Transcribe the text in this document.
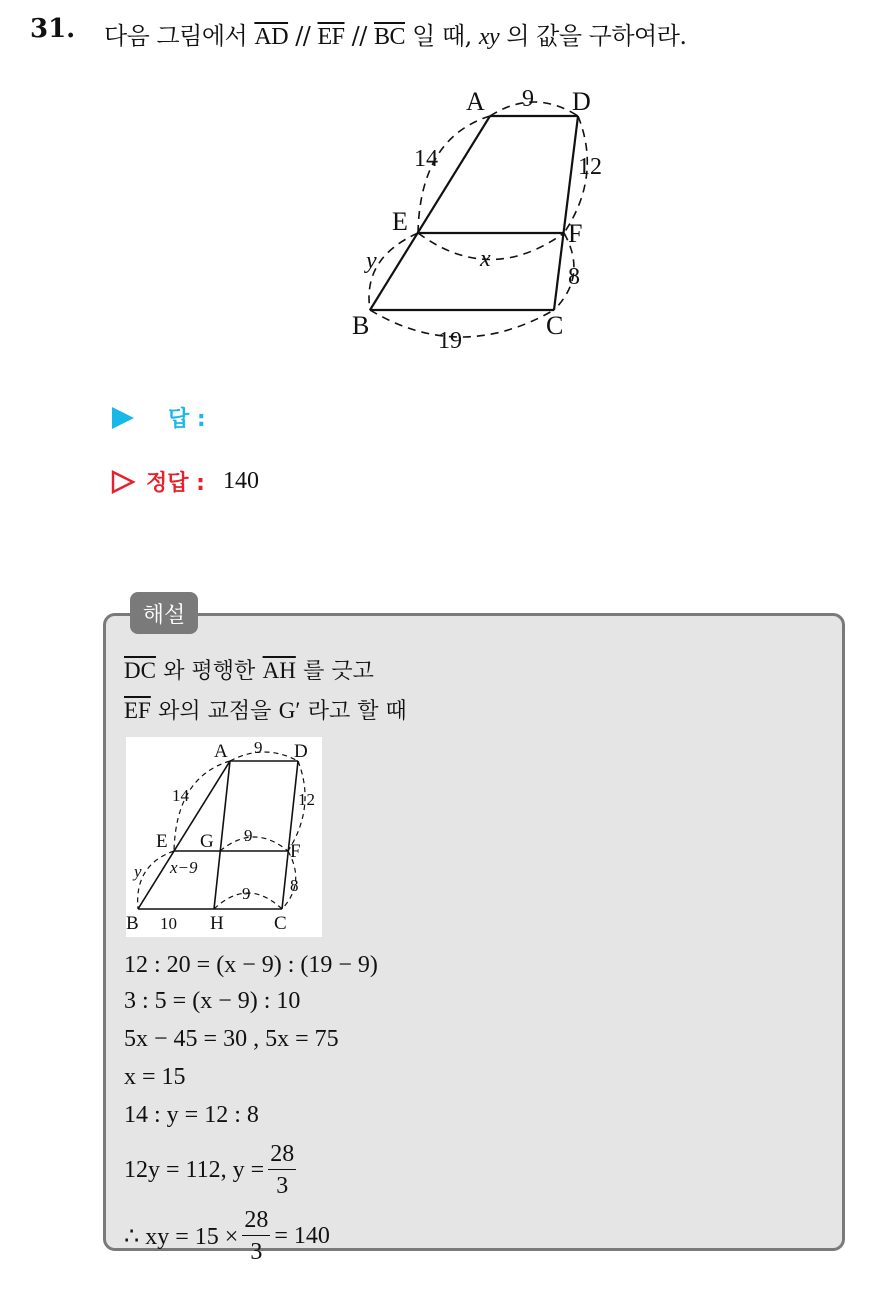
31. 다음 그림에서 $\overline{AD} // \overline{EF} // \overline{BC}$ 일 때, xy 의 값을 구하여라.
A	D
E	F
B	C
9
14	12
x
y
8
19
답 :
정답 : 140
해설
$\overline{DC}$ 와 평행한 $\overline{AH}$ 를 긋고
$\overline{EF}$ 와의 교점을 G′ 라고 할 때
A	D
E G	F
B	H	C
9
14	12
9
x−9
y
8
9
10
12 : 20 = (x − 9) : (19 − 9)
3 : 5 = (x − 9) : 10
5x − 45 = 30 , 5x = 75
x = 15
14 : y = 12 : 8
12y = 112, $y = \frac{28}{3}$
∴ xy = $15 \times \frac{28}{3} = 140$
